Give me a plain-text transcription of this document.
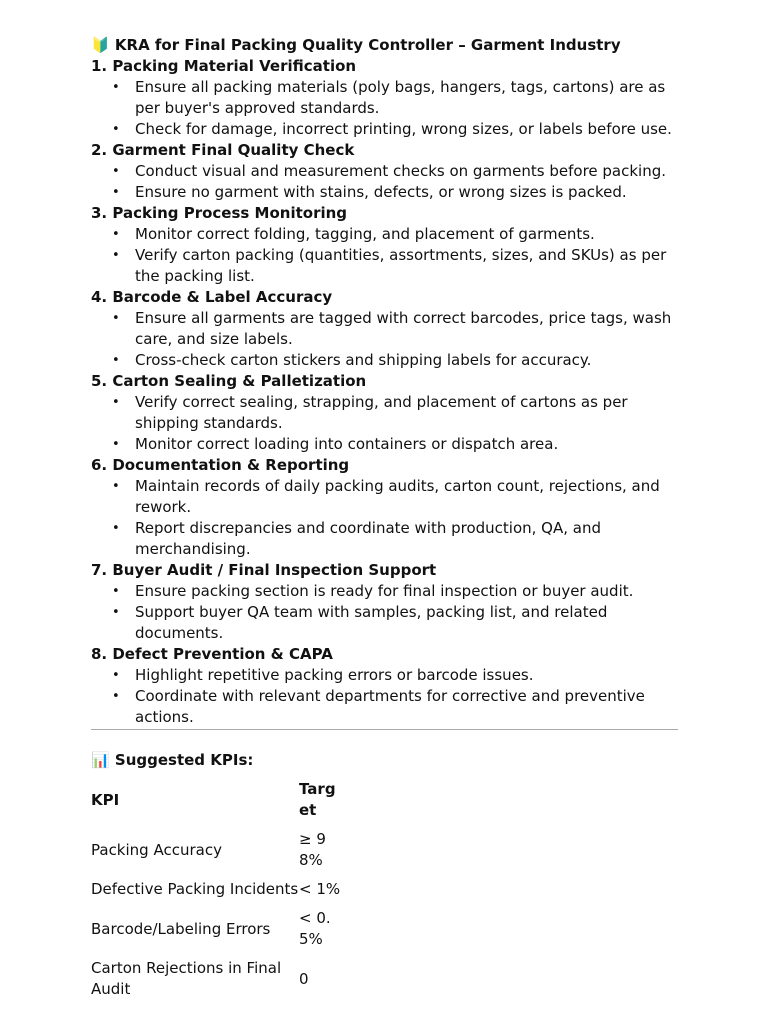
🔰 KRA for Final Packing Quality Controller – Garment Industry
1. Packing Material Verification
• Ensure all packing materials (poly bags, hangers, tags, cartons) are as per buyer's approved standards.
• Check for damage, incorrect printing, wrong sizes, or labels before use.
2. Garment Final Quality Check
• Conduct visual and measurement checks on garments before packing.
• Ensure no garment with stains, defects, or wrong sizes is packed.
3. Packing Process Monitoring
• Monitor correct folding, tagging, and placement of garments.
• Verify carton packing (quantities, assortments, sizes, and SKUs) as per the packing list.
4. Barcode & Label Accuracy
• Ensure all garments are tagged with correct barcodes, price tags, wash care, and size labels.
• Cross-check carton stickers and shipping labels for accuracy.
5. Carton Sealing & Palletization
• Verify correct sealing, strapping, and placement of cartons as per shipping standards.
• Monitor correct loading into containers or dispatch area.
6. Documentation & Reporting
• Maintain records of daily packing audits, carton count, rejections, and rework.
• Report discrepancies and coordinate with production, QA, and merchandising.
7. Buyer Audit / Final Inspection Support
• Ensure packing section is ready for final inspection or buyer audit.
• Support buyer QA team with samples, packing list, and related documents.
8. Defect Prevention & CAPA
• Highlight repetitive packing errors or barcode issues.
• Coordinate with relevant departments for corrective and preventive actions.
📊 Suggested KPIs:
KPI	Target
Packing Accuracy	≥ 98%
Defective Packing Incidents	< 1%
Barcode/Labeling Errors	< 0.5%
Carton Rejections in Final Audit	0
